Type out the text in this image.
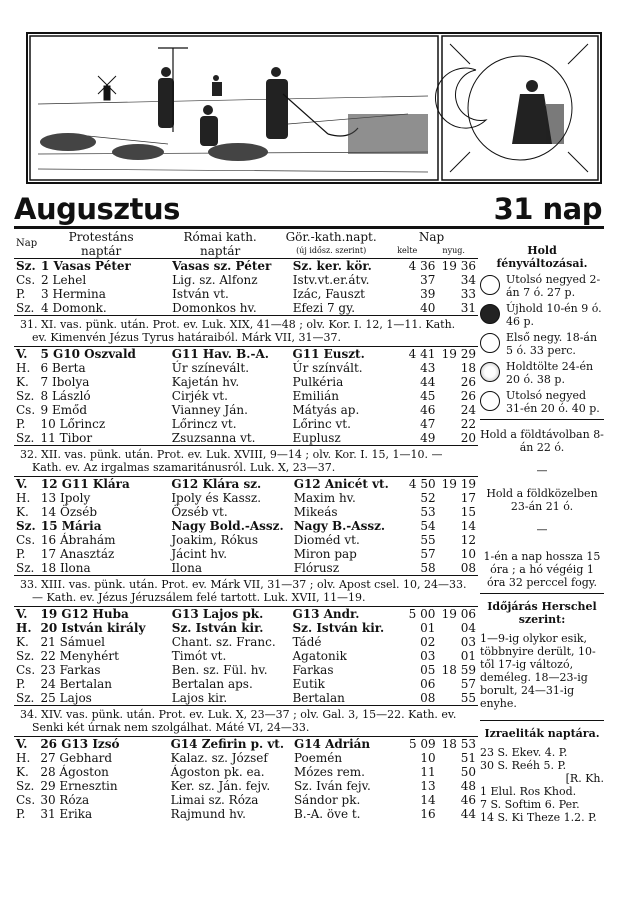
Augusztus	31 nap
Nap	Protestáns	Római kath.	Gör.-kath.napt.	Nap	
	naptár	naptár	(új idősz. szerint)	kelte	nyug.
Sz.	1 Vasas Péter	Vasas sz. Péter	Sz. ker. kör.	4 36	19 36
Cs.	2 Lehel	Lig. sz. Alfonz	Istv.vt.er.átv.	37	34
P.	3 Hermina	István vt.	Izác, Fauszt	39	33
Sz.	4 Domonk.	Domonkos hv.	Efezi 7 gy.	40	31
31. XI. vas. pünk. után. Prot. ev. Luk. XIX, 41—48 ; olv. Kor. I. 12, 1—11. Kath. ev. Kimenvén Jézus Tyrus határaiból. Márk VII, 31—37.
V.	5 G10 Oszvald	G11 Hav. B.-A.	G11 Euszt.	4 41	19 29
H.	6 Berta	Úr színevált.	Úr színvált.	43	18
K.	7 Ibolya	Kajetán hv.	Pulkéria	44	26
Sz.	8 László	Cirjék vt.	Emilián	45	26
Cs.	9 Emőd	Vianney Ján.	Mátyás ap.	46	24
P.	10 Lőrincz	Lőrincz vt.	Lőrinc vt.	47	22
Sz.	11 Tibor	Zsuzsanna vt.	Euplusz	49	20
32. XII. vas. pünk. után. Prot. ev. Luk. XVIII, 9—14 ; olv. Kor. I. 15, 1—10. — Kath. ev. Az irgalmas szamaritánusról. Luk. X, 23—37.
V.	12 G11 Klára	G12 Klára sz.	G12 Anicét vt.	4 50	19 19
H.	13 Ipoly	Ipoly és Kassz.	Maxim hv.	52	17
K.	14 Özséb	Özséb vt.	Mikeás	53	15
Sz.	15 Mária	Nagy Bold.-Assz.	Nagy B.-Assz.	54	14
Cs.	16 Ábrahám	Joakim, Rókus	Dioméd vt.	55	12
P.	17 Anasztáz	Jácint hv.	Miron pap	57	10
Sz.	18 Ilona	Ilona	Flórusz	58	08
33. XIII. vas. pünk. után. Prot. ev. Márk VII, 31—37 ; olv. Apost csel. 10, 24—33. — Kath. ev. Jézus Jéruzsálem felé tartott. Luk. XVII, 11—19.
V.	19 G12 Huba	G13 Lajos pk.	G13 Andr.	5 00	19 06
H.	20 István király	Sz. István kir.	Sz. István kir.	01	04
K.	21 Sámuel	Chant. sz. Franc.	Tádé	02	03
Sz.	22 Menyhért	Timót vt.	Agatonik	03	01
Cs.	23 Farkas	Ben. sz. Fül. hv.	Farkas	05	18 59
P.	24 Bertalan	Bertalan aps.	Eutik	06	57
Sz.	25 Lajos	Lajos kir.	Bertalan	08	55
34. XIV. vas. pünk. után. Prot. ev. Luk. X, 23—37 ; olv. Gal. 3, 15—22. Kath. ev. Senki két úrnak nem szolgálhat. Máté VI, 24—33.
V.	26 G13 Izsó	G14 Zefirin p. vt.	G14 Adrián	5 09	18 53
H.	27 Gebhard	Kalaz. sz. József	Poemén	10	51
K.	28 Ágoston	Ágoston pk. ea.	Mózes rem.	11	50
Sz.	29 Ernesztin	Ker. sz. Ján. fejv.	Sz. Iván fejv.	13	48
Cs.	30 Róza	Limai sz. Róza	Sándor pk.	14	46
P.	31 Erika	Rajmund hv.	B.-A. öve t.	16	44
Hold fényváltozásai.
Utolsó negyed 2-án 7 ó. 27 p.
Újhold 10-én 9 ó. 46 p.
Első negy. 18-án 5 ó. 33 perc.
Holdtölte 24-én 20 ó. 38 p.
Utolsó negyed 31-én 20 ó. 40 p.
Hold a földtávolban 8-án 22 ó.
—
Hold a földközelben 23-án 21 ó.
—
1-én a nap hossza 15 óra ; a hó végéig 1 óra 32 perccel fogy.
Időjárás Herschel szerint:
1—9-ig olykor esik, többnyire derült, 10-től 17-ig változó, deméleg. 18—23-ig borult, 24—31-ig enyhe.
Izraeliták naptára.
23 S. Ekev. 4. P.
30 S. Reéh 5. P.
[R. Kh.
1 Elul. Ros Khod.
7 S. Softim 6. Per.
14 S. Ki Theze 1.2. P.
